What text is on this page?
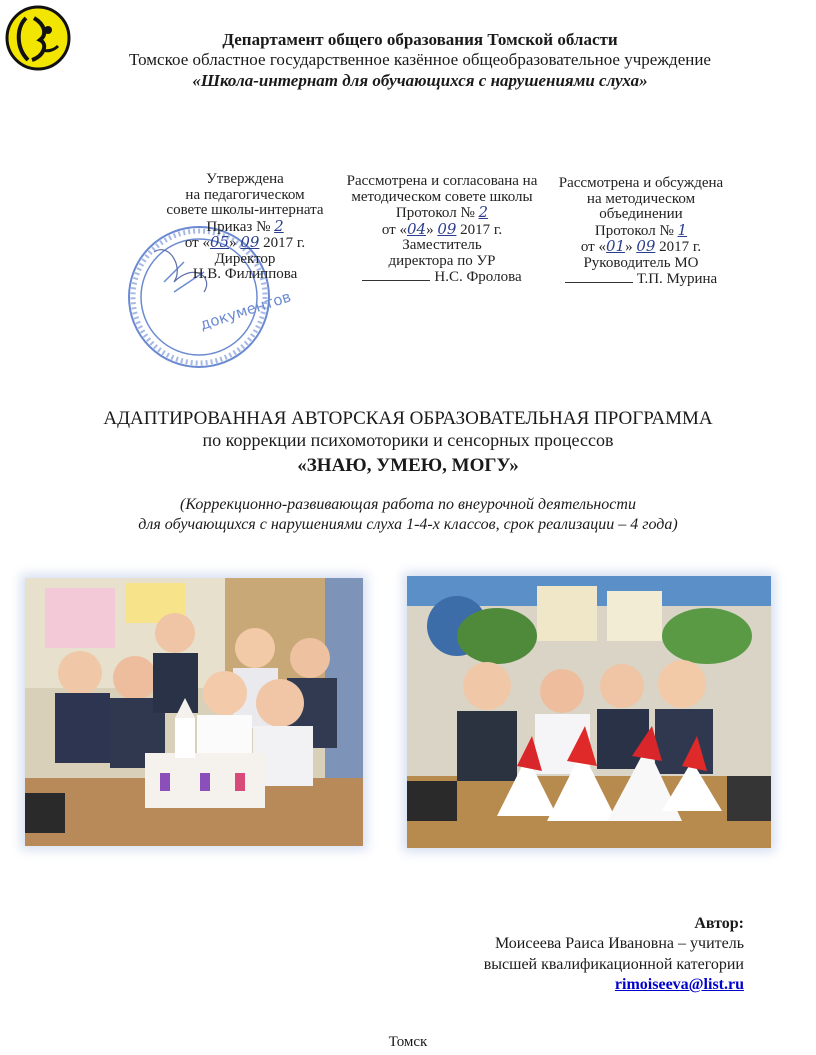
Департамент общего образования Томской области
Томское областное государственное казённое общеобразовательное учреждение
«Школа-интернат для обучающихся с нарушениями слуха»
документов
Утверждена
на педагогическом
совете школы-интерната
Приказ № 2
от «05» 09 2017 г.
Директор
Н.В. Филиппова
Рассмотрена и согласована на
методическом совете школы
Протокол № 2
от «04» 09 2017 г.
Заместитель
директора по УР
Н.С. Фролова
Рассмотрена и обсуждена
на методическом
объединении
Протокол № 1
от «01» 09 2017 г.
Руководитель МО
Т.П. Мурина
АДАПТИРОВАННАЯ АВТОРСКАЯ ОБРАЗОВАТЕЛЬНАЯ ПРОГРАММА
по коррекции психомоторики и сенсорных процессов
«ЗНАЮ, УМЕЮ, МОГУ»
(Коррекционно-развивающая работа по внеурочной деятельности
для обучающихся с нарушениями слуха 1-4-х классов, срок реализации – 4 года)
Автор:
Моисеева Раиса Ивановна – учитель
высшей квалификационной категории
rimoiseeva@list.ru
Томск
